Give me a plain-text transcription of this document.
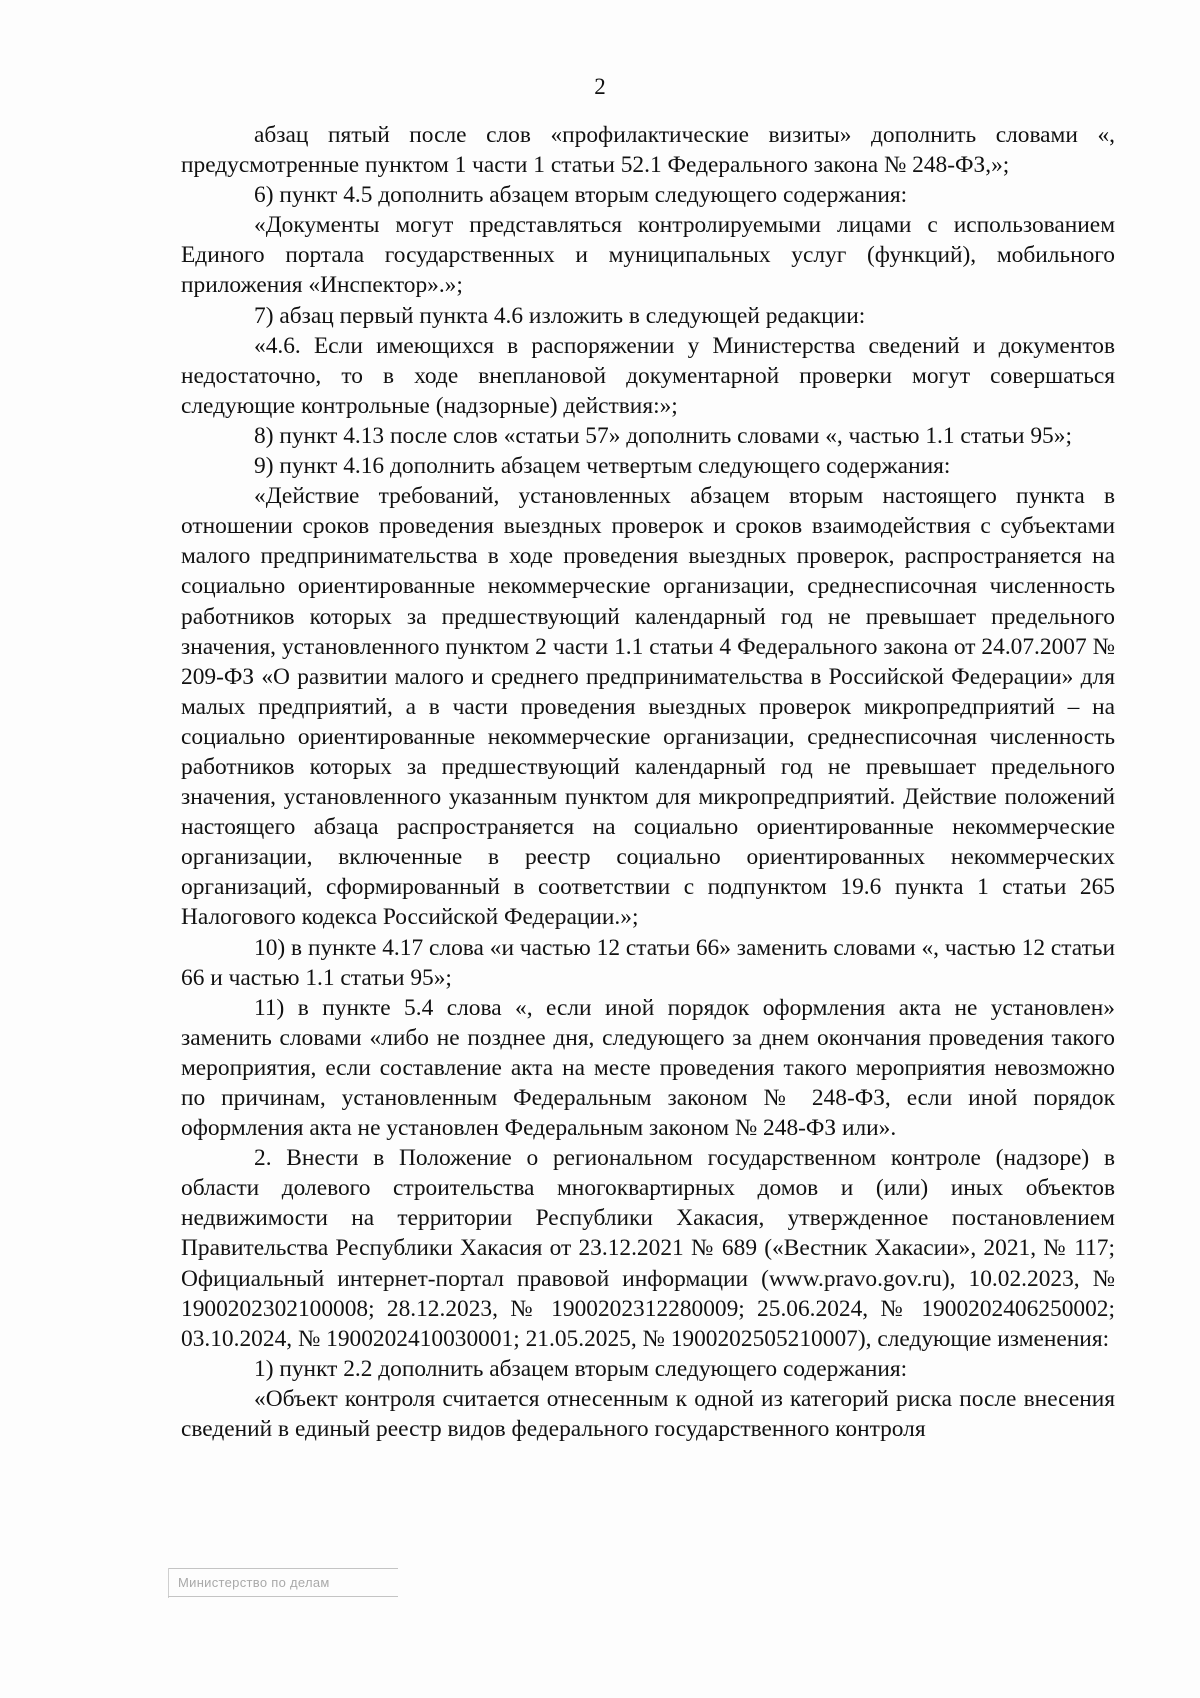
2

абзац пятый после слов «профилактические визиты» дополнить словами «, предусмотренные пунктом 1 части 1 статьи 52.1 Федерального закона № 248-ФЗ,»;

6) пункт 4.5 дополнить абзацем вторым следующего содержания:

«Документы могут представляться контролируемыми лицами с использованием Единого портала государственных и муниципальных услуг (функций), мобильного приложения «Инспектор».»;

7) абзац первый пункта 4.6 изложить в следующей редакции:

«4.6. Если имеющихся в распоряжении у Министерства сведений и документов недостаточно, то в ходе внеплановой документарной проверки могут совершаться следующие контрольные (надзорные) действия:»;

8) пункт 4.13 после слов «статьи 57» дополнить словами «, частью 1.1 статьи 95»;

9) пункт 4.16 дополнить абзацем четвертым следующего содержания:

«Действие требований, установленных абзацем вторым настоящего пункта в отношении сроков проведения выездных проверок и сроков взаимодействия с субъектами малого предпринимательства в ходе проведения выездных проверок, распространяется на социально ориентированные некоммерческие организации, среднесписочная численность работников которых за предшествующий календарный год не превышает предельного значения, установленного пунктом 2 части 1.1 статьи 4 Федерального закона от 24.07.2007 № 209-ФЗ «О развитии малого и среднего предпринимательства в Российской Федерации» для малых предприятий, а в части проведения выездных проверок микропредприятий – на социально ориентированные некоммерческие организации, среднесписочная численность работников которых за предшествующий календарный год не превышает предельного значения, установленного указанным пунктом для микропредприятий. Действие положений настоящего абзаца распространяется на социально ориентированные некоммерческие организации, включенные в реестр социально ориентированных некоммерческих организаций, сформированный в соответствии с подпунктом 19.6 пункта 1 статьи 265 Налогового кодекса Российской Федерации.»;

10) в пункте 4.17 слова «и частью 12 статьи 66» заменить словами «, частью 12 статьи 66 и частью 1.1 статьи 95»;

11) в пункте 5.4 слова «, если иной порядок оформления акта не установлен» заменить словами «либо не позднее дня, следующего за днем окончания проведения такого мероприятия, если составление акта на месте проведения такого мероприятия невозможно по причинам, установленным Федеральным законом № 248-ФЗ, если иной порядок оформления акта не установлен Федеральным законом № 248-ФЗ или».

2. Внести в Положение о региональном государственном контроле (надзоре) в области долевого строительства многоквартирных домов и (или) иных объектов недвижимости на территории Республики Хакасия, утвержденное постановлением Правительства Республики Хакасия от 23.12.2021 № 689 («Вестник Хакасии», 2021, № 117; Официальный интернет-портал правовой информации (www.pravo.gov.ru), 10.02.2023, № 1900202302100008; 28.12.2023, № 1900202312280009; 25.06.2024, № 1900202406250002; 03.10.2024, № 1900202410030001; 21.05.2025, № 1900202505210007), следующие изменения:

1) пункт 2.2 дополнить абзацем вторым следующего содержания:

«Объект контроля считается отнесенным к одной из категорий риска после внесения сведений в единый реестр видов федерального государственного контроля

Министерство по делам
